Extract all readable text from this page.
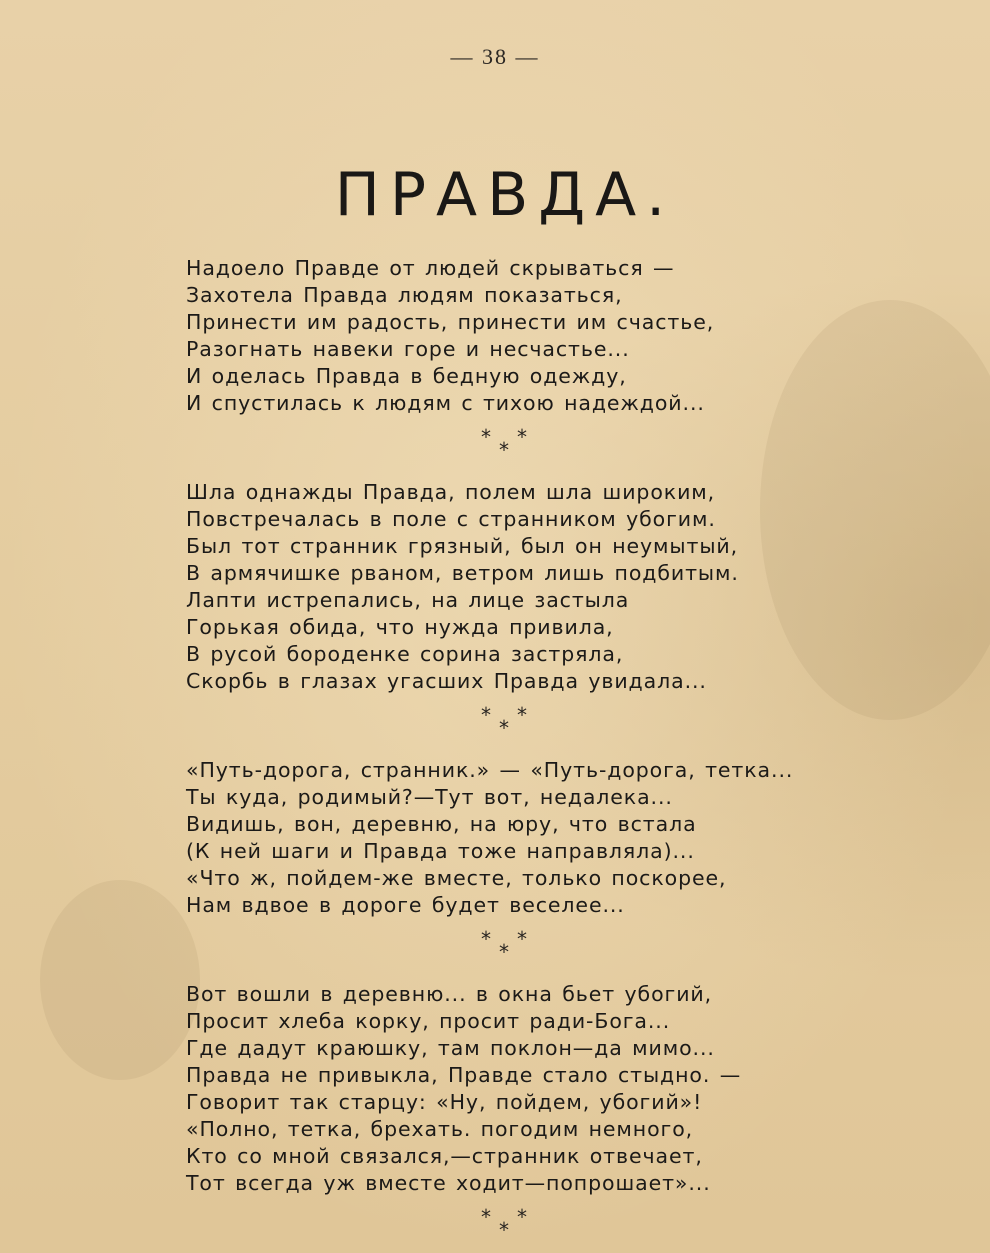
— 38 —
ПРАВДА.
Надоело Правде от людей скрываться —
Захотела Правда людям показаться,
Принести им радость, принести им счастье,
Разогнать навеки горе и несчастье...
И оделась Правда в бедную одежду,
И спустилась к людям с тихою надеждой...
* *
*
Шла однажды Правда, полем шла широким,
Повстречалась в поле с странником убогим.
Был тот странник грязный, был он неумытый,
В армячишке рваном, ветром лишь подбитым.
Лапти истрепались, на лице застыла
Горькая обида, что нужда привила,
В русой бороденке сорина застряла,
Скорбь в глазах угасших Правда увидала...
* *
*
«Путь-дорога, странник.» — «Путь-дорога, тетка...
Ты куда, родимый?—Тут вот, недалека...
Видишь, вон, деревню, на юру, что встала
(К ней шаги и Правда тоже направляла)...
«Что ж, пойдем-же вместе, только поскорее,
Нам вдвое в дороге будет веселее...
* *
*
Вот вошли в деревню... в окна бьет убогий,
Просит хлеба корку, просит ради-Бога...
Где дадут краюшку, там поклон—да мимо...
Правда не привыкла, Правде стало стыдно. —
Говорит так старцу: «Ну, пойдем, убогий»!
«Полно, тетка, брехать. погодим немного,
Кто со мной связался,—странник отвечает,
Тот всегда уж вместе ходит—попрошает»...
* *
*
